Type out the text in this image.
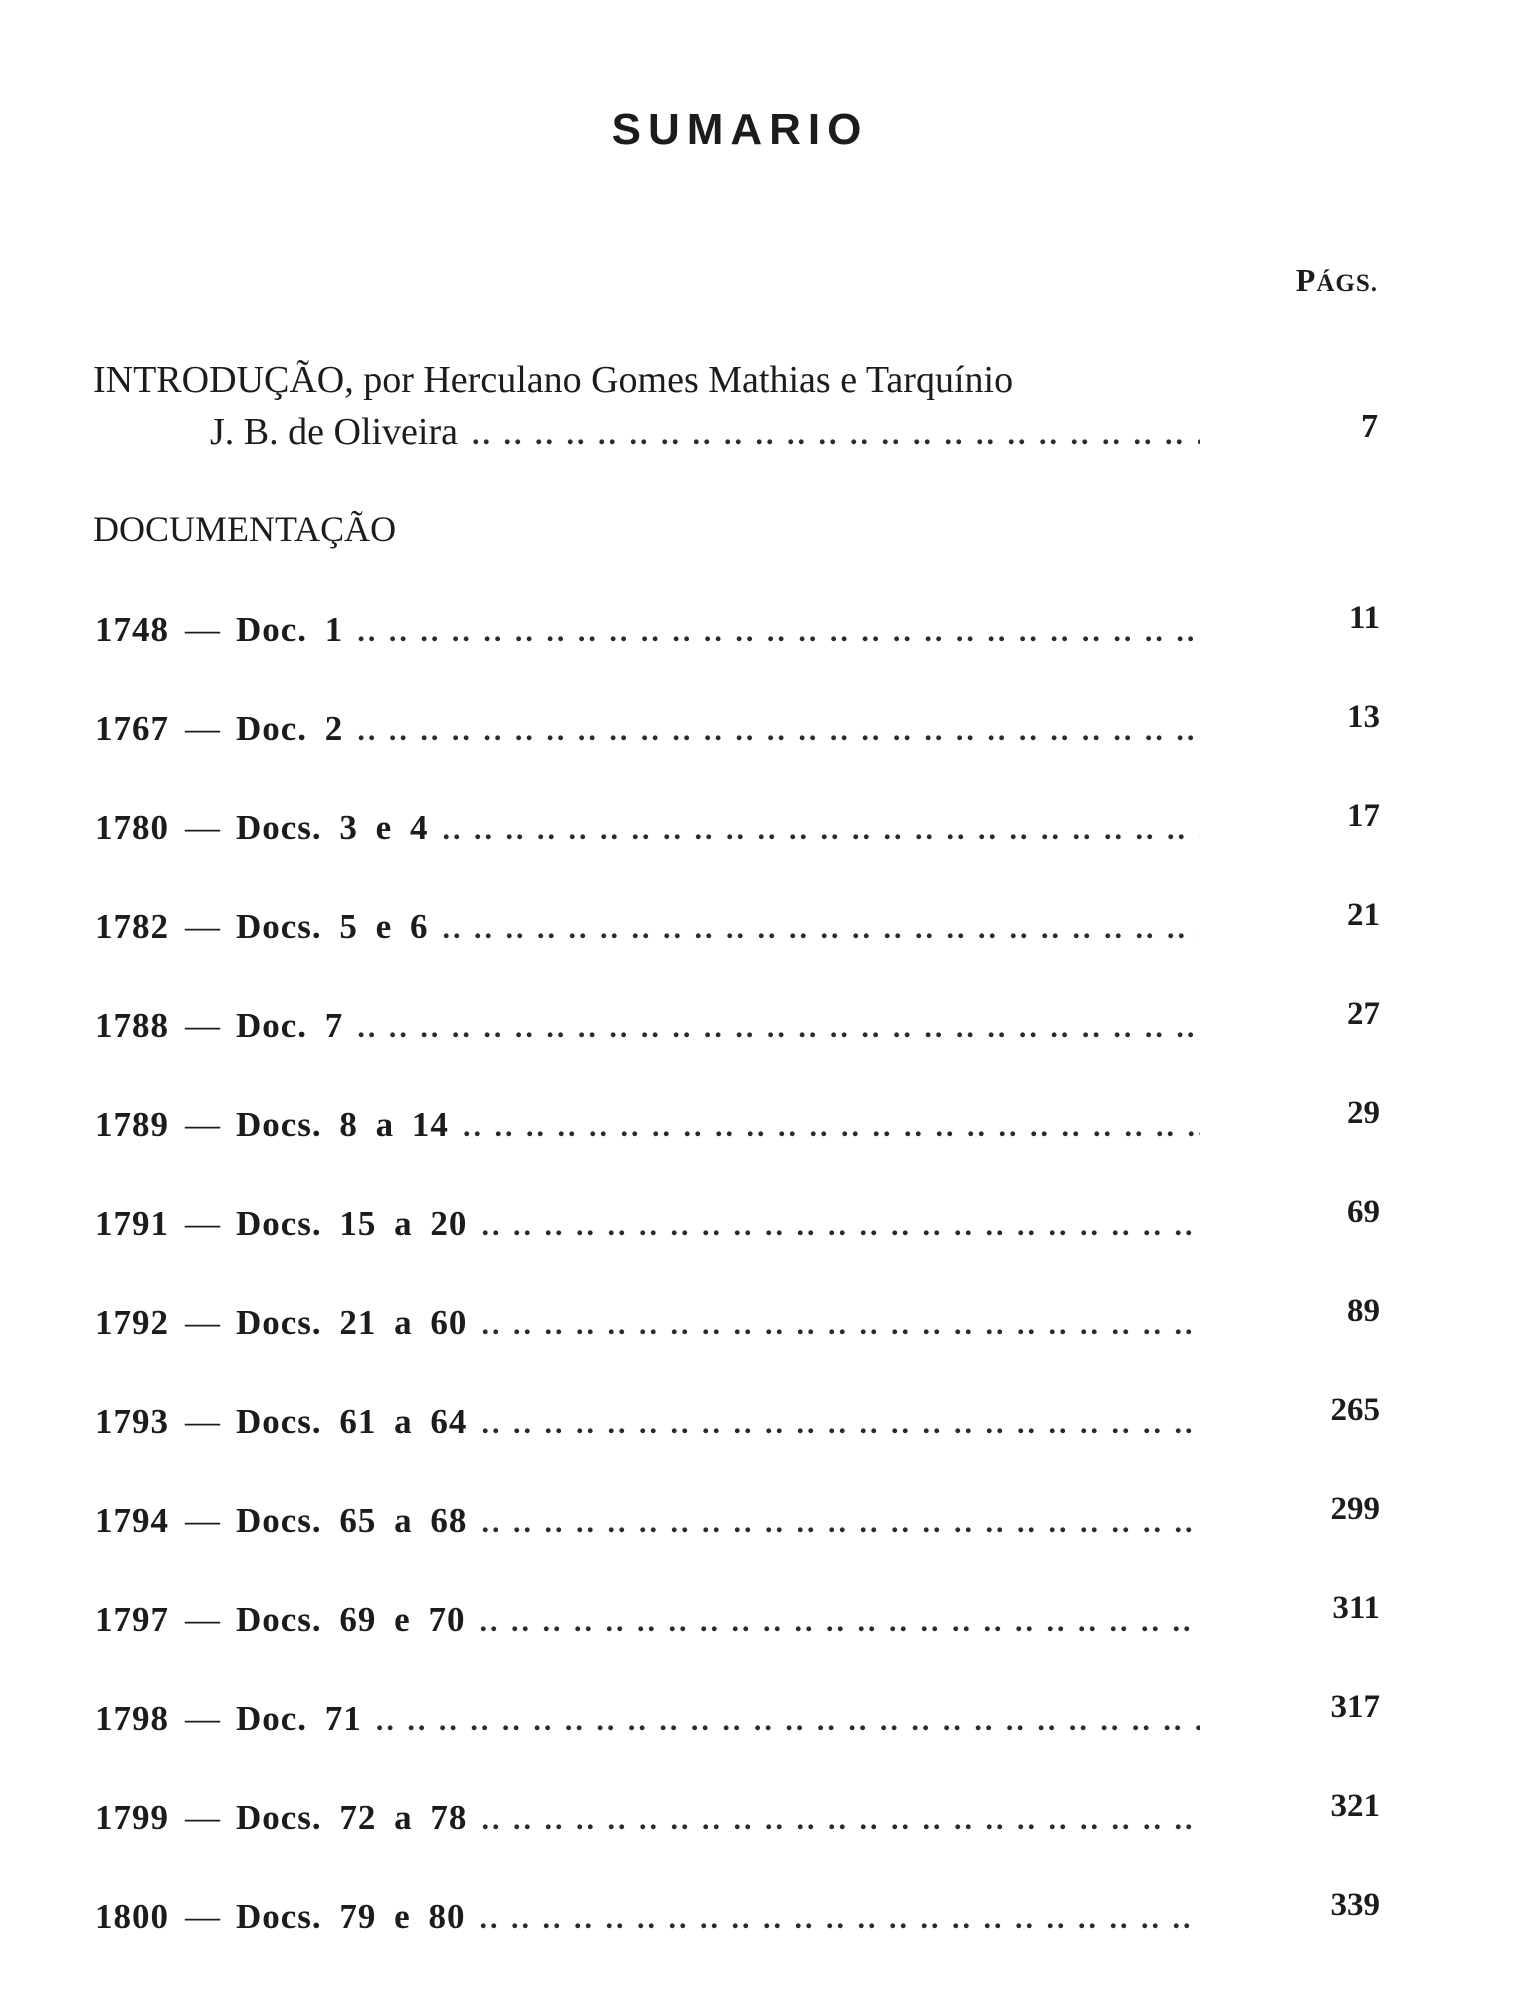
SUMARIO
PÁGS.
INTRODUÇÃO, por Herculano Gomes Mathias e Tarquínio
J. B. de Oliveira .. ..	7
DOCUMENTAÇÃO
1748 — Doc. 1 .. ..	11
1767 — Doc. 2 .. ..	13
1780 — Docs. 3 e 4 .. ..	17
1782 — Docs. 5 e 6 .. ..	21
1788 — Doc. 7 .. ..	27
1789 — Docs. 8 a 14 .. ..	29
1791 — Docs. 15 a 20 .. ..	69
1792 — Docs. 21 a 60 .. ..	89
1793 — Docs. 61 a 64 .. ..	265
1794 — Docs. 65 a 68 .. ..	299
1797 — Docs. 69 e 70 .. ..	311
1798 — Doc. 71 .. ..	317
1799 — Docs. 72 a 78 .. ..	321
1800 — Docs. 79 e 80 .. ..	339
